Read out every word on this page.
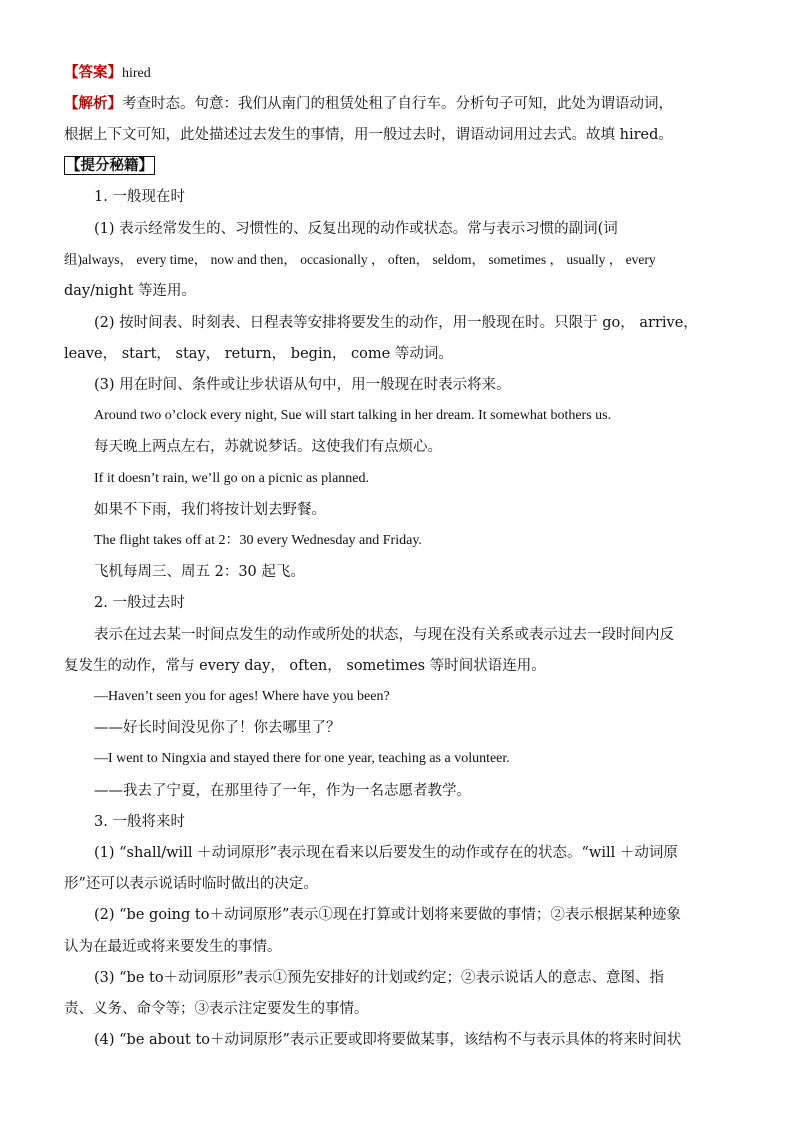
【答案】hired
【解析】考查时态。句意：我们从南门的租赁处租了自行车。分析句子可知，此处为谓语动词，
根据上下文可知，此处描述过去发生的事情，用一般过去时，谓语动词用过去式。故填 hired。
【提分秘籍】
1. 一般现在时
(1) 表示经常发生的、习惯性的、反复出现的动作或状态。常与表示习惯的副词(词
组)always， every time， now and then， occasionally ， often， seldom， sometimes ， usually ， every
day/night 等连用。
(2) 按时间表、时刻表、日程表等安排将要发生的动作，用一般现在时。只限于 go， arrive，
leave， start， stay， return， begin， come 等动词。
(3) 用在时间、条件或让步状语从句中，用一般现在时表示将来。
Around two o’clock every night, Sue will start talking in her dream. It somewhat bothers us.
每天晚上两点左右，苏就说梦话。这使我们有点烦心。
If it doesn’t rain, we’ll go on a picnic as planned.
如果不下雨，我们将按计划去野餐。
The flight takes off at 2：30 every Wednesday and Friday.
飞机每周三、周五 2：30 起飞。
2. 一般过去时
表示在过去某一时间点发生的动作或所处的状态，与现在没有关系或表示过去一段时间内反
复发生的动作，常与 every day， often， sometimes 等时间状语连用。
—Haven’t seen you for ages! Where have you been?
——好长时间没见你了！你去哪里了？
—I went to Ningxia and stayed there for one year, teaching as a volunteer.
——我去了宁夏，在那里待了一年，作为一名志愿者教学。
3. 一般将来时
(1) “shall/will ＋动词原形”表示现在看来以后要发生的动作或存在的状态。“will ＋动词原
形”还可以表示说话时临时做出的决定。
(2) “be going to＋动词原形”表示①现在打算或计划将来要做的事情；②表示根据某种迹象
认为在最近或将来要发生的事情。
(3) “be to＋动词原形”表示①预先安排好的计划或约定；②表示说话人的意志、意图、指
责、义务、命令等；③表示注定要发生的事情。
(4) “be about to＋动词原形”表示正要或即将要做某事，该结构不与表示具体的将来时间状
